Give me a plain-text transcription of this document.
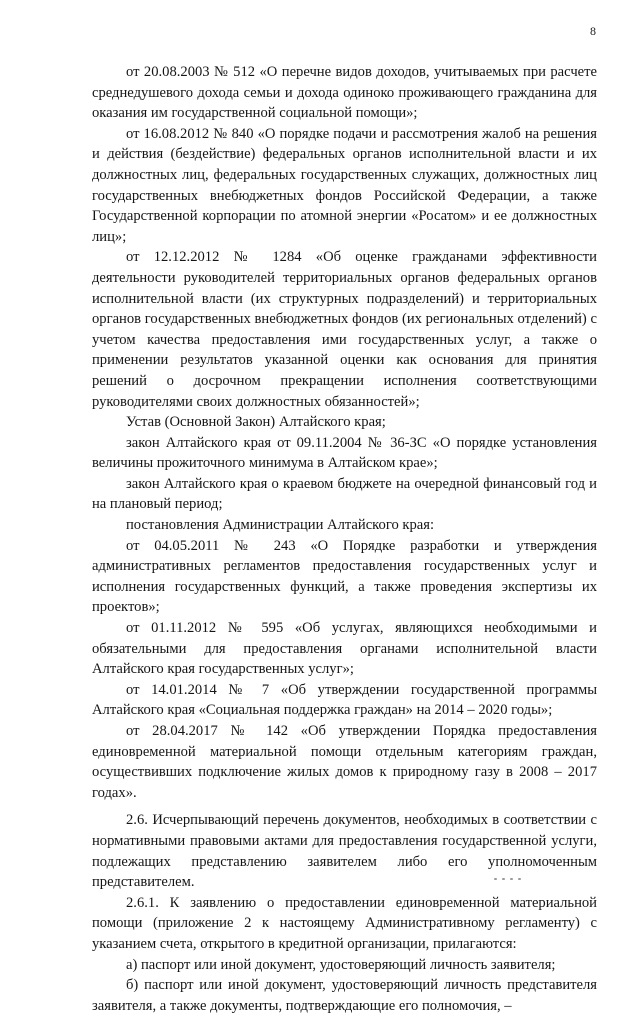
8

от 20.08.2003 № 512 «О перечне видов доходов, учитываемых при расчете среднедушевого дохода семьи и дохода одиноко проживающего гражданина для оказания им государственной социальной помощи»;

от 16.08.2012 № 840 «О порядке подачи и рассмотрения жалоб на решения и действия (бездействие) федеральных органов исполнительной власти и их должностных лиц, федеральных государственных служащих, должностных лиц государственных внебюджетных фондов Российской Федерации, а также Государственной корпорации по атомной энергии «Росатом» и ее должностных лиц»;

от 12.12.2012 № 1284 «Об оценке гражданами эффективности деятельности руководителей территориальных органов федеральных органов исполнительной власти (их структурных подразделений) и территориальных органов государственных внебюджетных фондов (их региональных отделений) с учетом качества предоставления ими государственных услуг, а также о применении результатов указанной оценки как основания для принятия решений о досрочном прекращении исполнения соответствующими руководителями своих должностных обязанностей»;

Устав (Основной Закон) Алтайского края;

закон Алтайского края от 09.11.2004 № 36-ЗС «О порядке установления величины прожиточного минимума в Алтайском крае»;

закон Алтайского края о краевом бюджете на очередной финансовый год и на плановый период;

постановления Администрации Алтайского края:

от 04.05.2011 № 243 «О Порядке разработки и утверждения административных регламентов предоставления государственных услуг и исполнения государственных функций, а также проведения экспертизы их проектов»;

от 01.11.2012 № 595 «Об услугах, являющихся необходимыми и обязательными для предоставления органами исполнительной власти Алтайского края государственных услуг»;

от 14.01.2014 № 7 «Об утверждении государственной программы Алтайского края «Социальная поддержка граждан» на 2014 – 2020 годы»;

от 28.04.2017 № 142 «Об утверждении Порядка предоставления единовременной материальной помощи отдельным категориям граждан, осуществивших подключение жилых домов к природному газу в 2008 – 2017 годах».

2.6. Исчерпывающий перечень документов, необходимых в соответствии с нормативными правовыми актами для предоставления государственной услуги, подлежащих представлению заявителем либо его уполномоченным представителем.

2.6.1. К заявлению о предоставлении единовременной материальной помощи (приложение 2 к настоящему Административному регламенту) с указанием счета, открытого в кредитной организации, прилагаются:

а) паспорт или иной документ, удостоверяющий личность заявителя;

б) паспорт или иной документ, удостоверяющий личность представителя заявителя, а также документы, подтверждающие его полномочия, –
